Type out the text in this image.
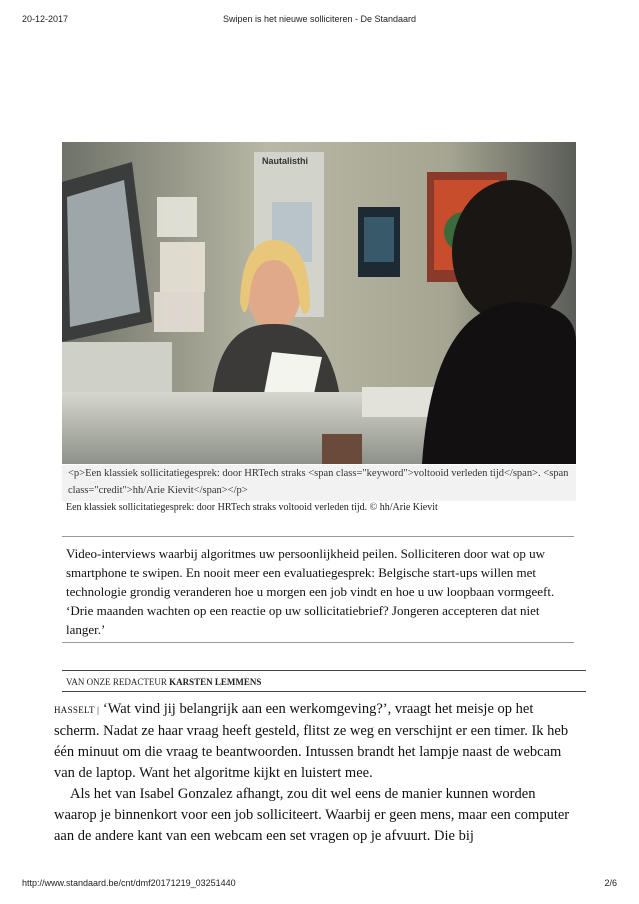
20-12-2017	Swipen is het nieuwe solliciteren - De Standaard
Nautalisthi
<p>Een klassiek sollicitatiegesprek: door HRTech straks <span class="keyword">voltooid verleden tijd</span>. <span class="credit">hh/Arie Kievit</span></p>
Een klassiek sollicitatiegesprek: door HRTech straks voltooid verleden tijd. © hh/Arie Kievit
Video-interviews waarbij algoritmes uw persoonlijkheid peilen. Solliciteren door wat op uw smartphone te swipen. En nooit meer een evaluatiegesprek: Belgische start-ups willen met technologie grondig veranderen hoe u morgen een job vindt en hoe u uw loopbaan vormgeeft. ‘Drie maanden wachten op een reactie op uw sollicitatiebrief? Jongeren accepteren dat niet langer.’
VAN ONZE REDACTEUR KARSTEN LEMMENS

HASSELT | ‘Wat vind jij belangrijk aan een werkomgeving?’, vraagt het meisje op het scherm. Nadat ze haar vraag heeft gesteld, flitst ze weg en verschijnt er een timer. Ik heb één minuut om die vraag te beantwoorden. Intussen brandt het lampje naast de webcam van de laptop. Want het algoritme kijkt en luistert mee.

Als het van Isabel Gonzalez afhangt, zou dit wel eens de manier kunnen worden waarop je binnenkort voor een job solliciteert. Waarbij er geen mens, maar een computer aan de andere kant van een webcam een set vragen op je afvuurt. Die bij

http://www.standaard.be/cnt/dmf20171219_03251440	2/6
